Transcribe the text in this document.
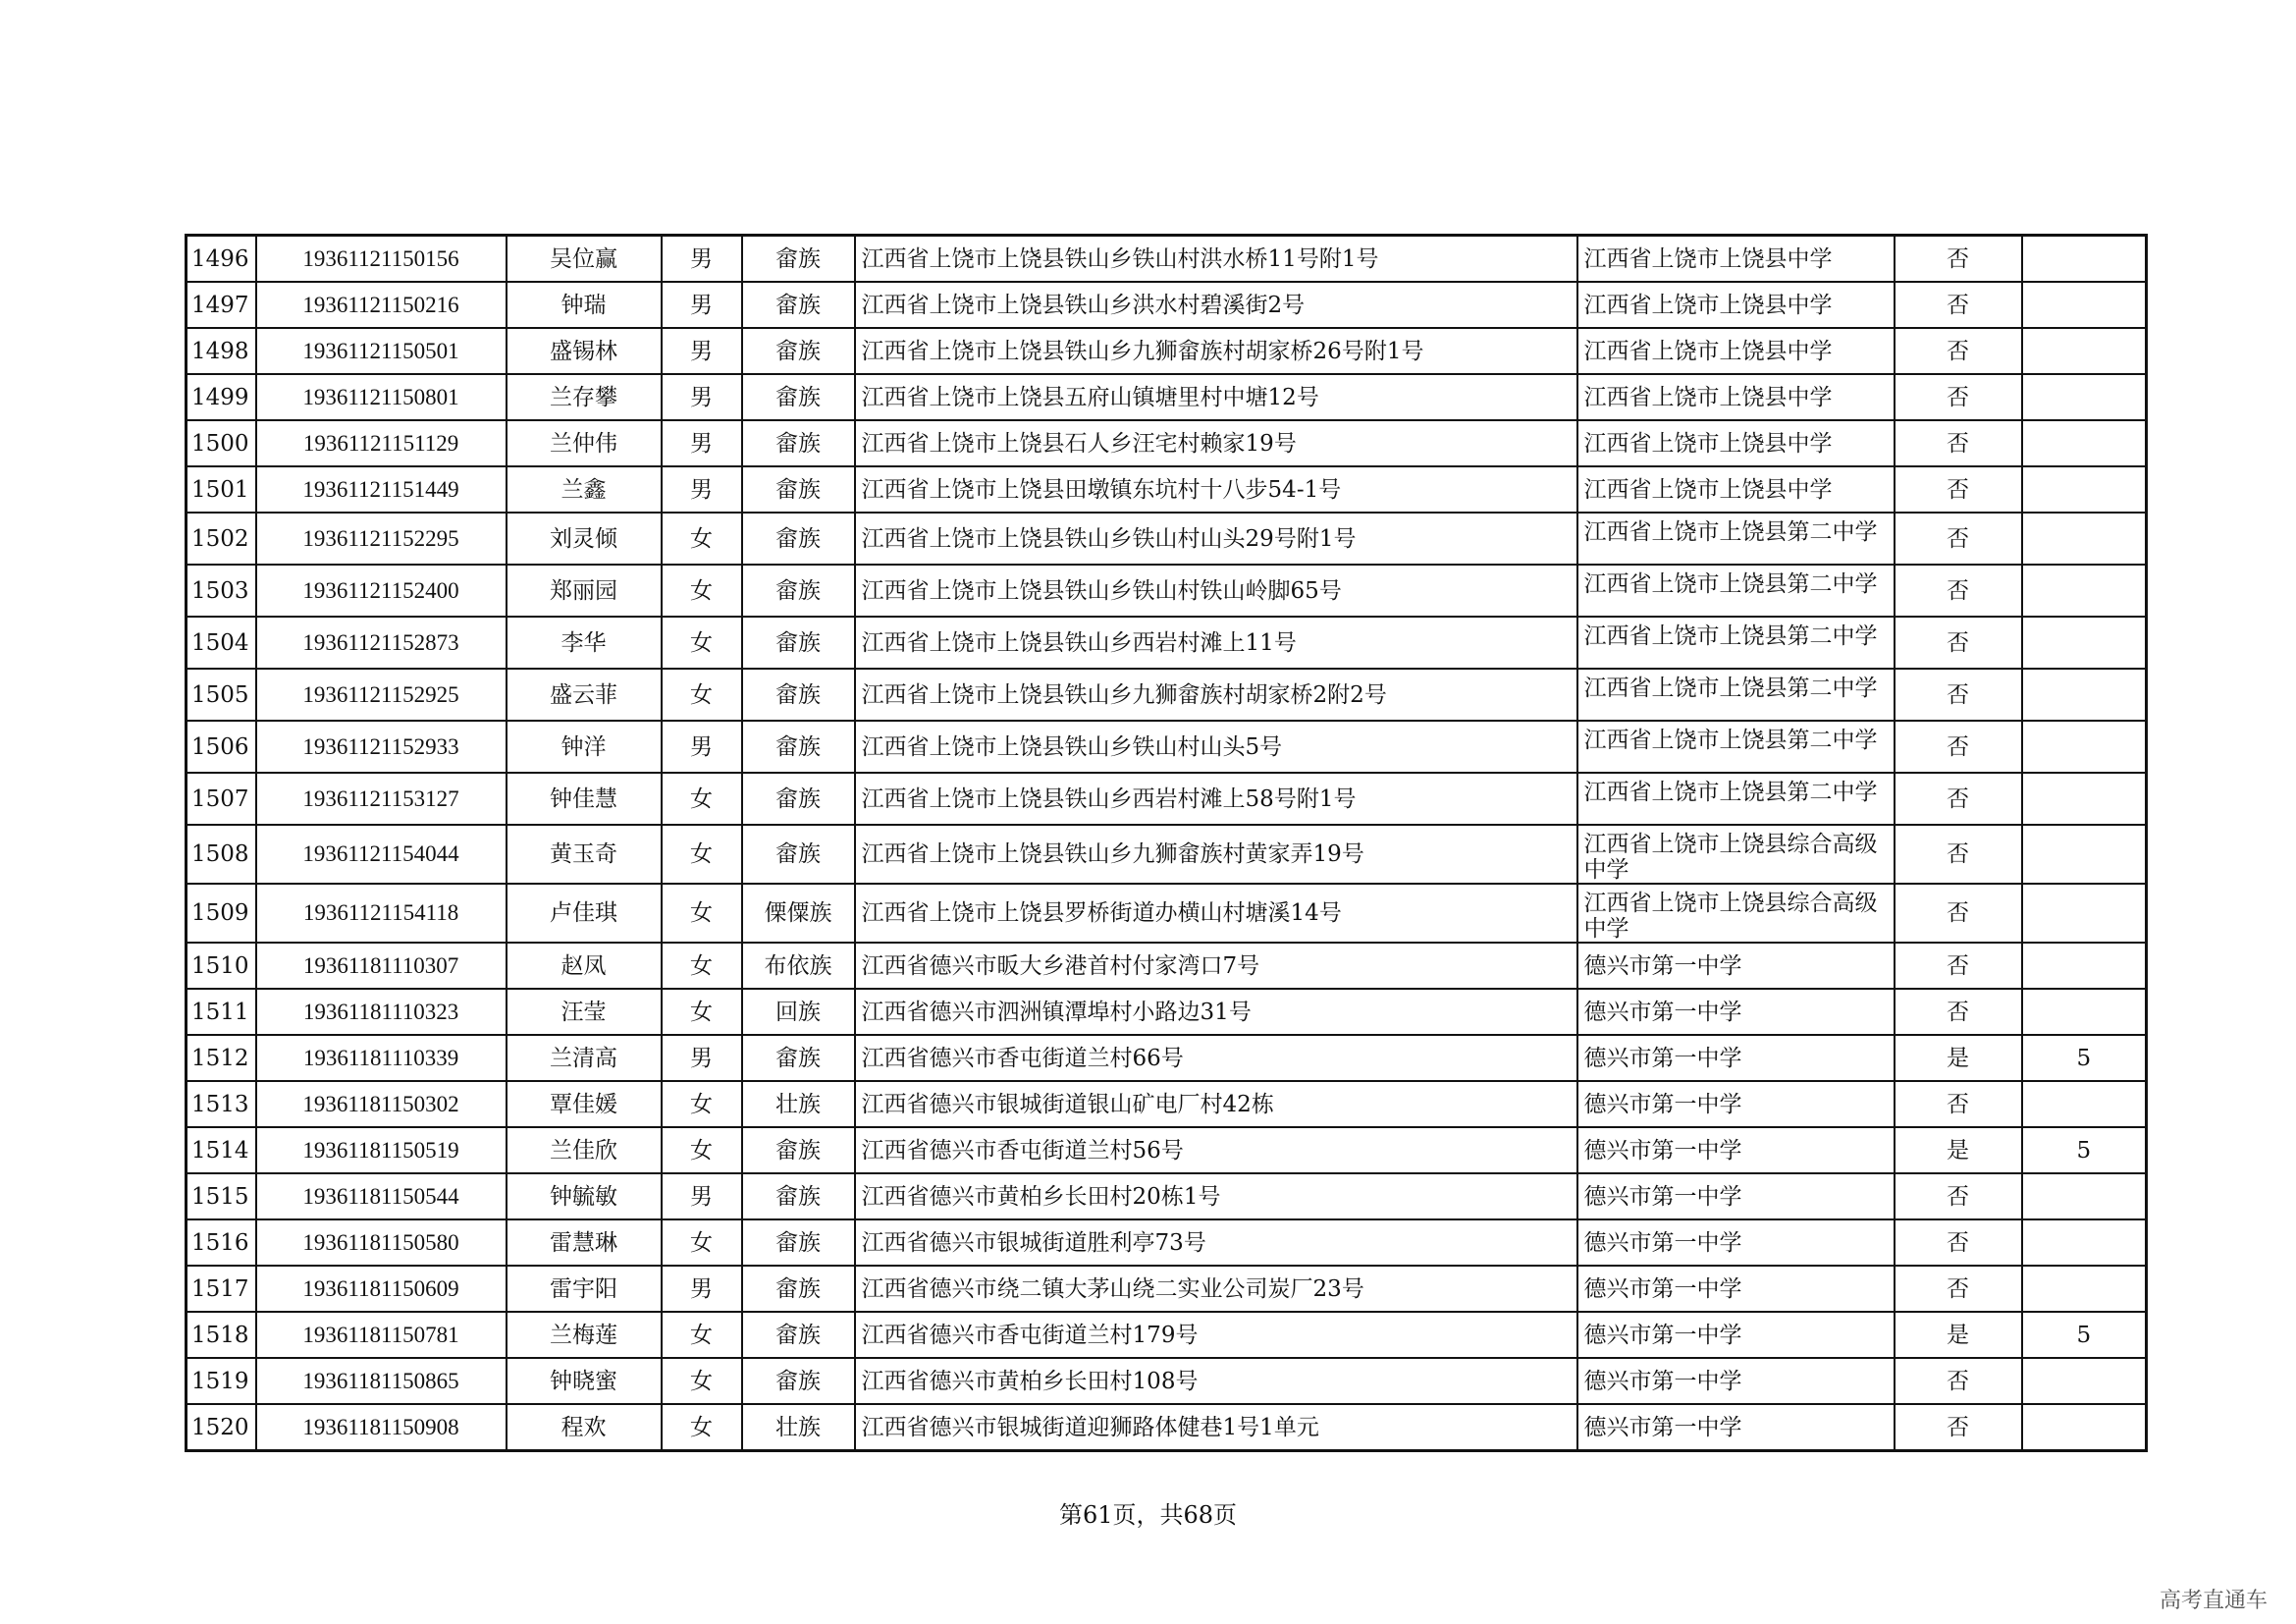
1496	19361121150156	吴位赢	男	畲族	江西省上饶市上饶县铁山乡铁山村洪水桥11号附1号	江西省上饶市上饶县中学	否	
1497	19361121150216	钟瑞	男	畲族	江西省上饶市上饶县铁山乡洪水村碧溪街2号	江西省上饶市上饶县中学	否	
1498	19361121150501	盛锡林	男	畲族	江西省上饶市上饶县铁山乡九狮畲族村胡家桥26号附1号	江西省上饶市上饶县中学	否	
1499	19361121150801	兰存攀	男	畲族	江西省上饶市上饶县五府山镇塘里村中塘12号	江西省上饶市上饶县中学	否	
1500	19361121151129	兰仲伟	男	畲族	江西省上饶市上饶县石人乡汪宅村赖家19号	江西省上饶市上饶县中学	否	
1501	19361121151449	兰鑫	男	畲族	江西省上饶市上饶县田墩镇东坑村十八步54-1号	江西省上饶市上饶县中学	否	
1502	19361121152295	刘灵倾	女	畲族	江西省上饶市上饶县铁山乡铁山村山头29号附1号	江西省上饶市上饶县第二中学	否	
1503	19361121152400	郑丽园	女	畲族	江西省上饶市上饶县铁山乡铁山村铁山岭脚65号	江西省上饶市上饶县第二中学	否	
1504	19361121152873	李华	女	畲族	江西省上饶市上饶县铁山乡西岩村滩上11号	江西省上饶市上饶县第二中学	否	
1505	19361121152925	盛云菲	女	畲族	江西省上饶市上饶县铁山乡九狮畲族村胡家桥2附2号	江西省上饶市上饶县第二中学	否	
1506	19361121152933	钟洋	男	畲族	江西省上饶市上饶县铁山乡铁山村山头5号	江西省上饶市上饶县第二中学	否	
1507	19361121153127	钟佳慧	女	畲族	江西省上饶市上饶县铁山乡西岩村滩上58号附1号	江西省上饶市上饶县第二中学	否	
1508	19361121154044	黄玉奇	女	畲族	江西省上饶市上饶县铁山乡九狮畲族村黄家弄19号	江西省上饶市上饶县综合高级中学	否	
1509	19361121154118	卢佳琪	女	傈僳族	江西省上饶市上饶县罗桥街道办横山村塘溪14号	江西省上饶市上饶县综合高级中学	否	
1510	19361181110307	赵凤	女	布依族	江西省德兴市昄大乡港首村付家湾口7号	德兴市第一中学	否	
1511	19361181110323	汪莹	女	回族	江西省德兴市泗洲镇潭埠村小路边31号	德兴市第一中学	否	
1512	19361181110339	兰清高	男	畲族	江西省德兴市香屯街道兰村66号	德兴市第一中学	是	5
1513	19361181150302	覃佳媛	女	壮族	江西省德兴市银城街道银山矿电厂村42栋	德兴市第一中学	否	
1514	19361181150519	兰佳欣	女	畲族	江西省德兴市香屯街道兰村56号	德兴市第一中学	是	5
1515	19361181150544	钟毓敏	男	畲族	江西省德兴市黄柏乡长田村20栋1号	德兴市第一中学	否	
1516	19361181150580	雷慧琳	女	畲族	江西省德兴市银城街道胜利亭73号	德兴市第一中学	否	
1517	19361181150609	雷宇阳	男	畲族	江西省德兴市绕二镇大茅山绕二实业公司炭厂23号	德兴市第一中学	否	
1518	19361181150781	兰梅莲	女	畲族	江西省德兴市香屯街道兰村179号	德兴市第一中学	是	5
1519	19361181150865	钟晓蜜	女	畲族	江西省德兴市黄柏乡长田村108号	德兴市第一中学	否	
1520	19361181150908	程欢	女	壮族	江西省德兴市银城街道迎狮路体健巷1号1单元	德兴市第一中学	否	
第61页，共68页
高考直通车
